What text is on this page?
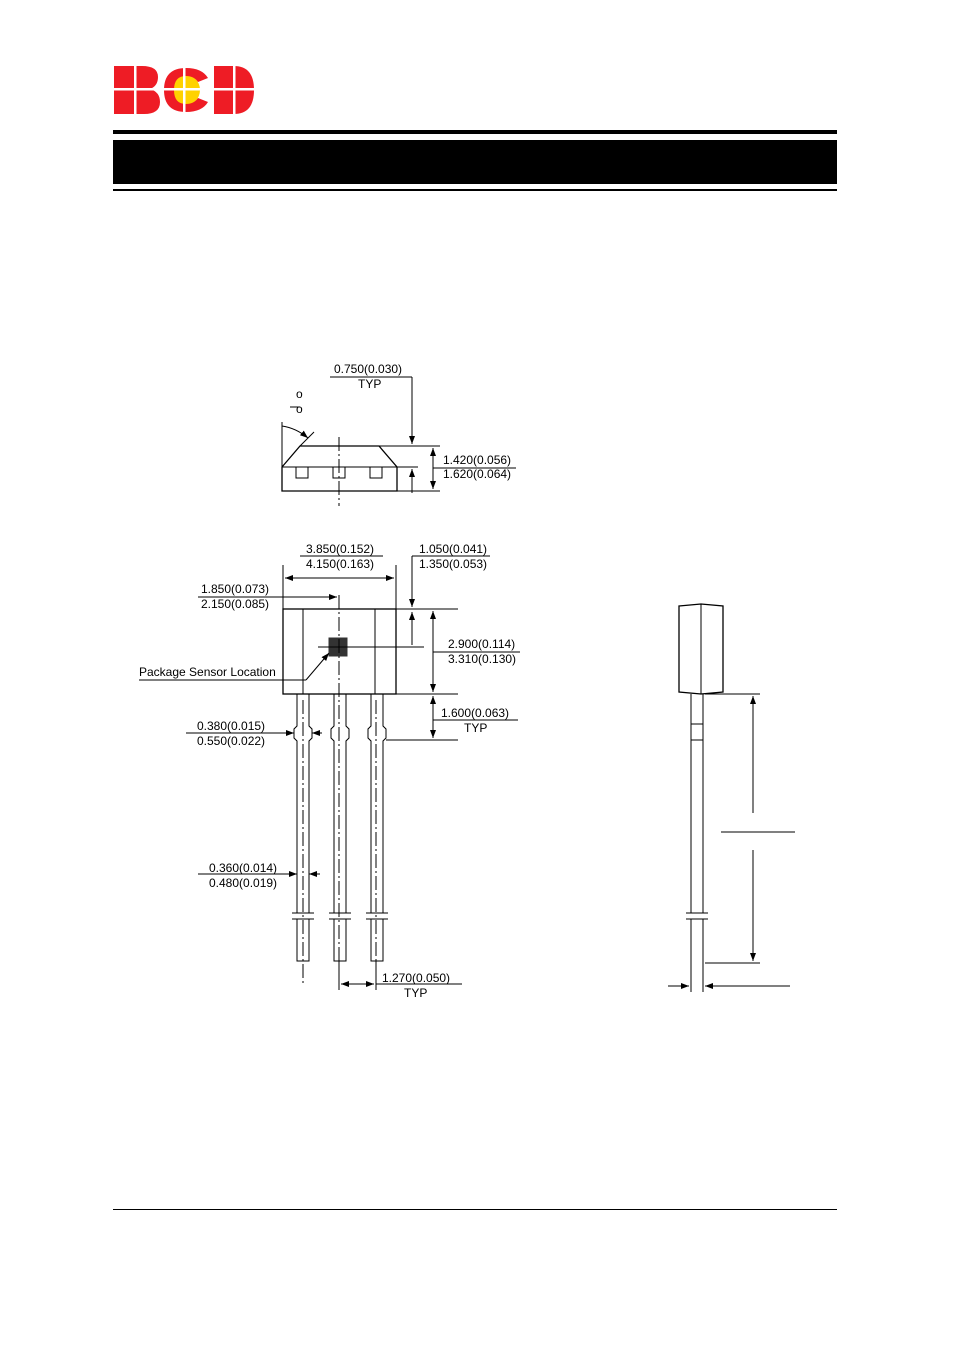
o
o
0.750(0.030)
TYP
1.420(0.056)
1.620(0.064)
3.850(0.152)
4.150(0.163)
1.050(0.041)
1.350(0.053)
1.850(0.073)
2.150(0.085)
2.900(0.114)
3.310(0.130)
Package Sensor Location
1.600(0.063)
TYP
0.380(0.015)
0.550(0.022)
0.360(0.014)
0.480(0.019)
1.270(0.050)
TYP
